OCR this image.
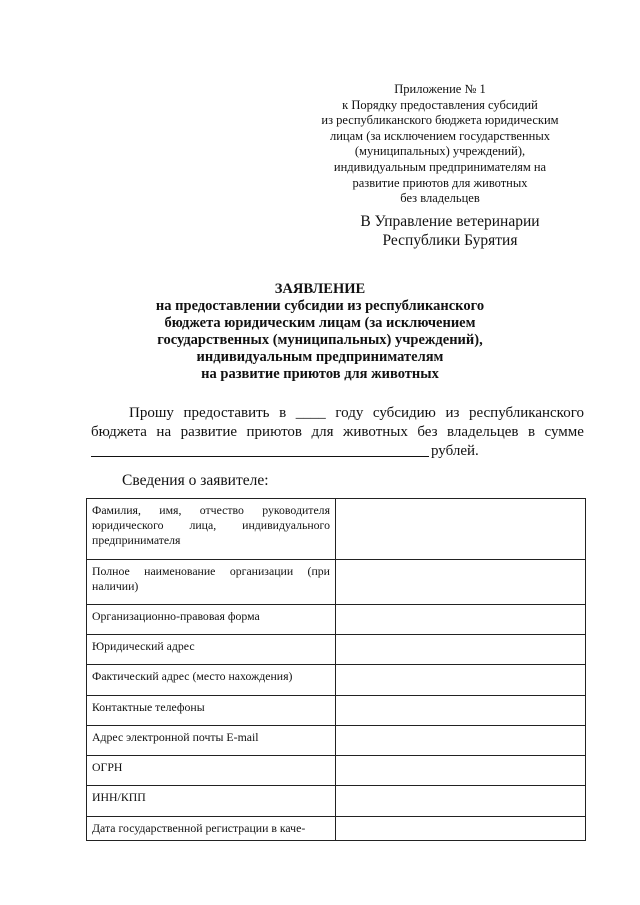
Приложение № 1
к Порядку предоставления субсидий
из республиканского бюджета юридическим
лицам (за исключением государственных
(муниципальных) учреждений),
индивидуальным предпринимателям на
развитие приютов для животных
без владельцев
В Управление ветеринарии
Республики Бурятия
ЗАЯВЛЕНИЕ
на предоставлении субсидии из республиканского
бюджета юридическим лицам (за исключением
государственных (муниципальных) учреждений),
индивидуальным предпринимателям
на развитие приютов для животных
Прошу предоставить в ____ году субсидию из республиканского
бюджета на развитие приютов для животных без владельцев в сумме
рублей.
Сведения о заявителе:
Фамилия, имя, отчество руководителя юридического лица, индивидуального предпринимателя	
Полное наименование организации (при наличии)	
Организационно-правовая форма	
Юридический адрес	
Фактический адрес (место нахождения)	
Контактные телефоны	
Адрес электронной почты E-mail	
ОГРН	
ИНН/КПП	
Дата государственной регистрации в каче-	
